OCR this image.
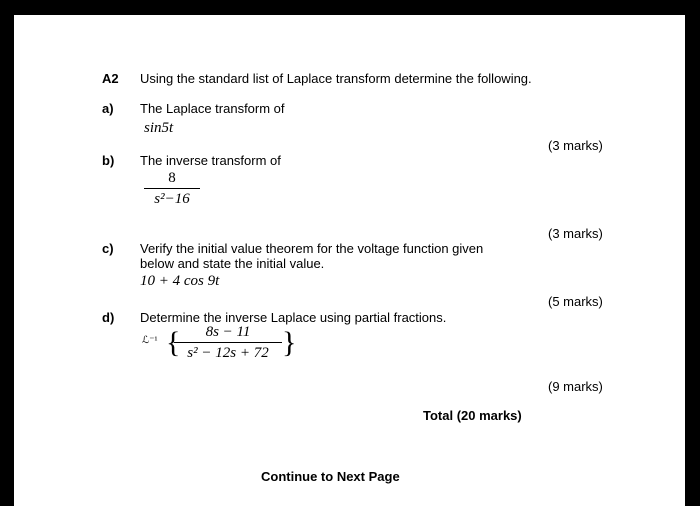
A2 Using the standard list of Laplace transform determine the following.
a) The Laplace transform of
sin5t
(3 marks)
b) The inverse transform of
$\frac{8}{\text{s²−16}}$
(3 marks)
c) Verify the initial value theorem for the voltage function given
below and state the initial value.
10 + 4 cos 9t
(5 marks)
d) Determine the inverse Laplace using partial fractions.
ℒ⁻¹ {
$\frac{8s - 11}{\text{s² − 12s + 72}}$ }
(9 marks)
Total (20 marks)
Continue to Next Page
